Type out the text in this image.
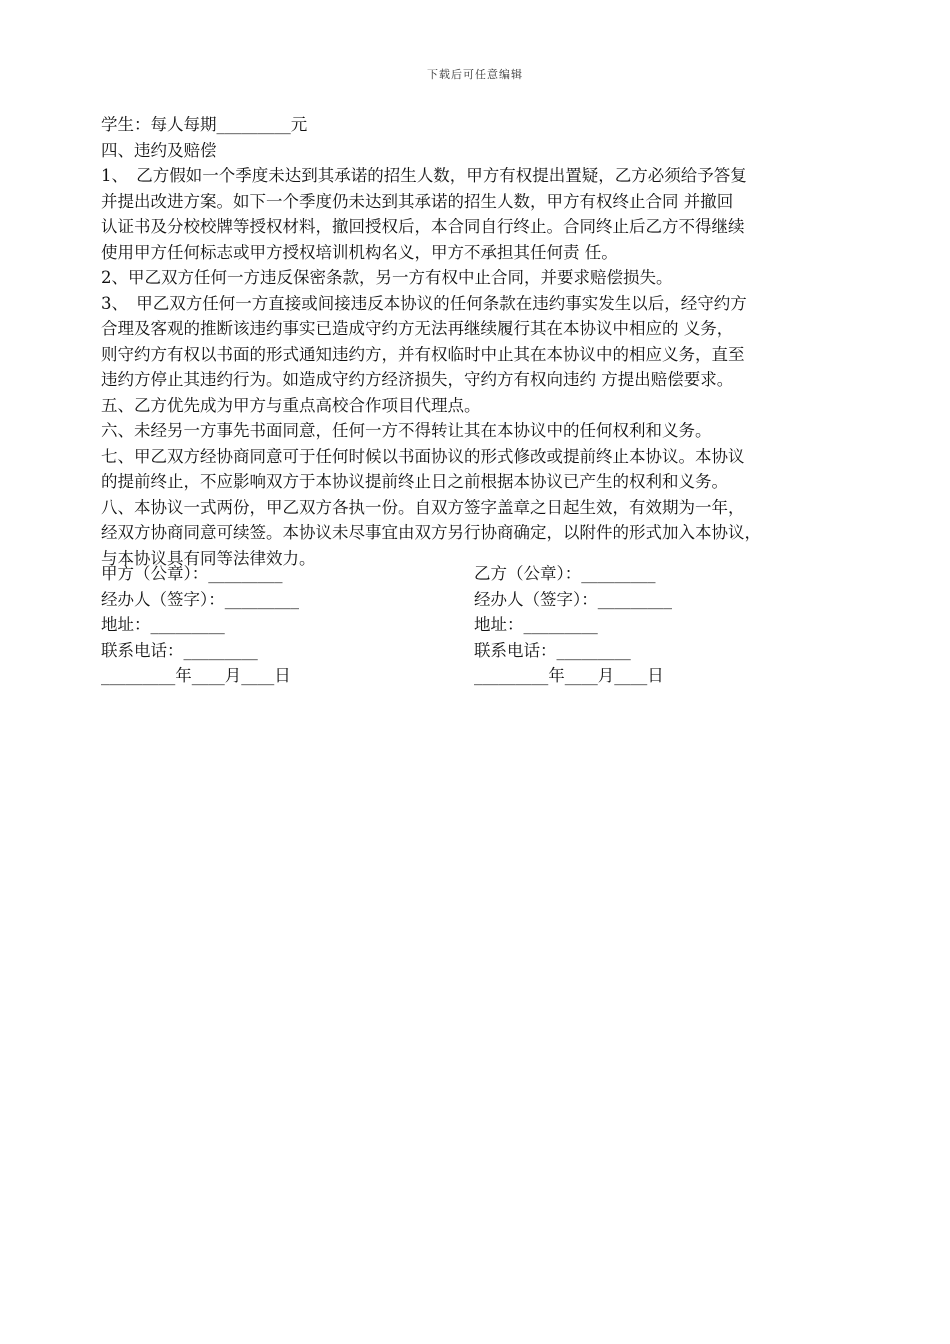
下载后可任意编辑
学生：每人每期_________元
四、违约及赔偿
1、　乙方假如一个季度未达到其承诺的招生人数，甲方有权提出置疑，乙方必须给予答复
并提出改进方案。如下一个季度仍未达到其承诺的招生人数，甲方有权终止合同 并撤回
认证书及分校校牌等授权材料，撤回授权后，本合同自行终止。合同终止后乙方不得继续
使用甲方任何标志或甲方授权培训机构名义，甲方不承担其任何责 任。
2、甲乙双方任何一方违反保密条款，另一方有权中止合同，并要求赔偿损失。
3、　甲乙双方任何一方直接或间接违反本协议的任何条款在违约事实发生以后，经守约方
合理及客观的推断该违约事实已造成守约方无法再继续履行其在本协议中相应的 义务，
则守约方有权以书面的形式通知违约方，并有权临时中止其在本协议中的相应义务，直至
违约方停止其违约行为。如造成守约方经济损失，守约方有权向违约 方提出赔偿要求。
五、乙方优先成为甲方与重点高校合作项目代理点。
六、未经另一方事先书面同意，任何一方不得转让其在本协议中的任何权利和义务。
七、甲乙双方经协商同意可于任何时候以书面协议的形式修改或提前终止本协议。本协议
的提前终止，不应影响双方于本协议提前终止日之前根据本协议已产生的权利和义务。
八、本协议一式两份，甲乙双方各执一份。自双方签字盖章之日起生效，有效期为一年，
经双方协商同意可续签。本协议未尽事宜由双方另行协商确定，以附件的形式加入本协议，
与本协议具有同等法律效力。
甲方（公章）：_________	乙方（公章）：_________
经办人（签字）：_________	经办人（签字）：_________
地址：_________	地址：_________
联系电话：_________	联系电话：_________
_________年____月____日	_________年____月____日
